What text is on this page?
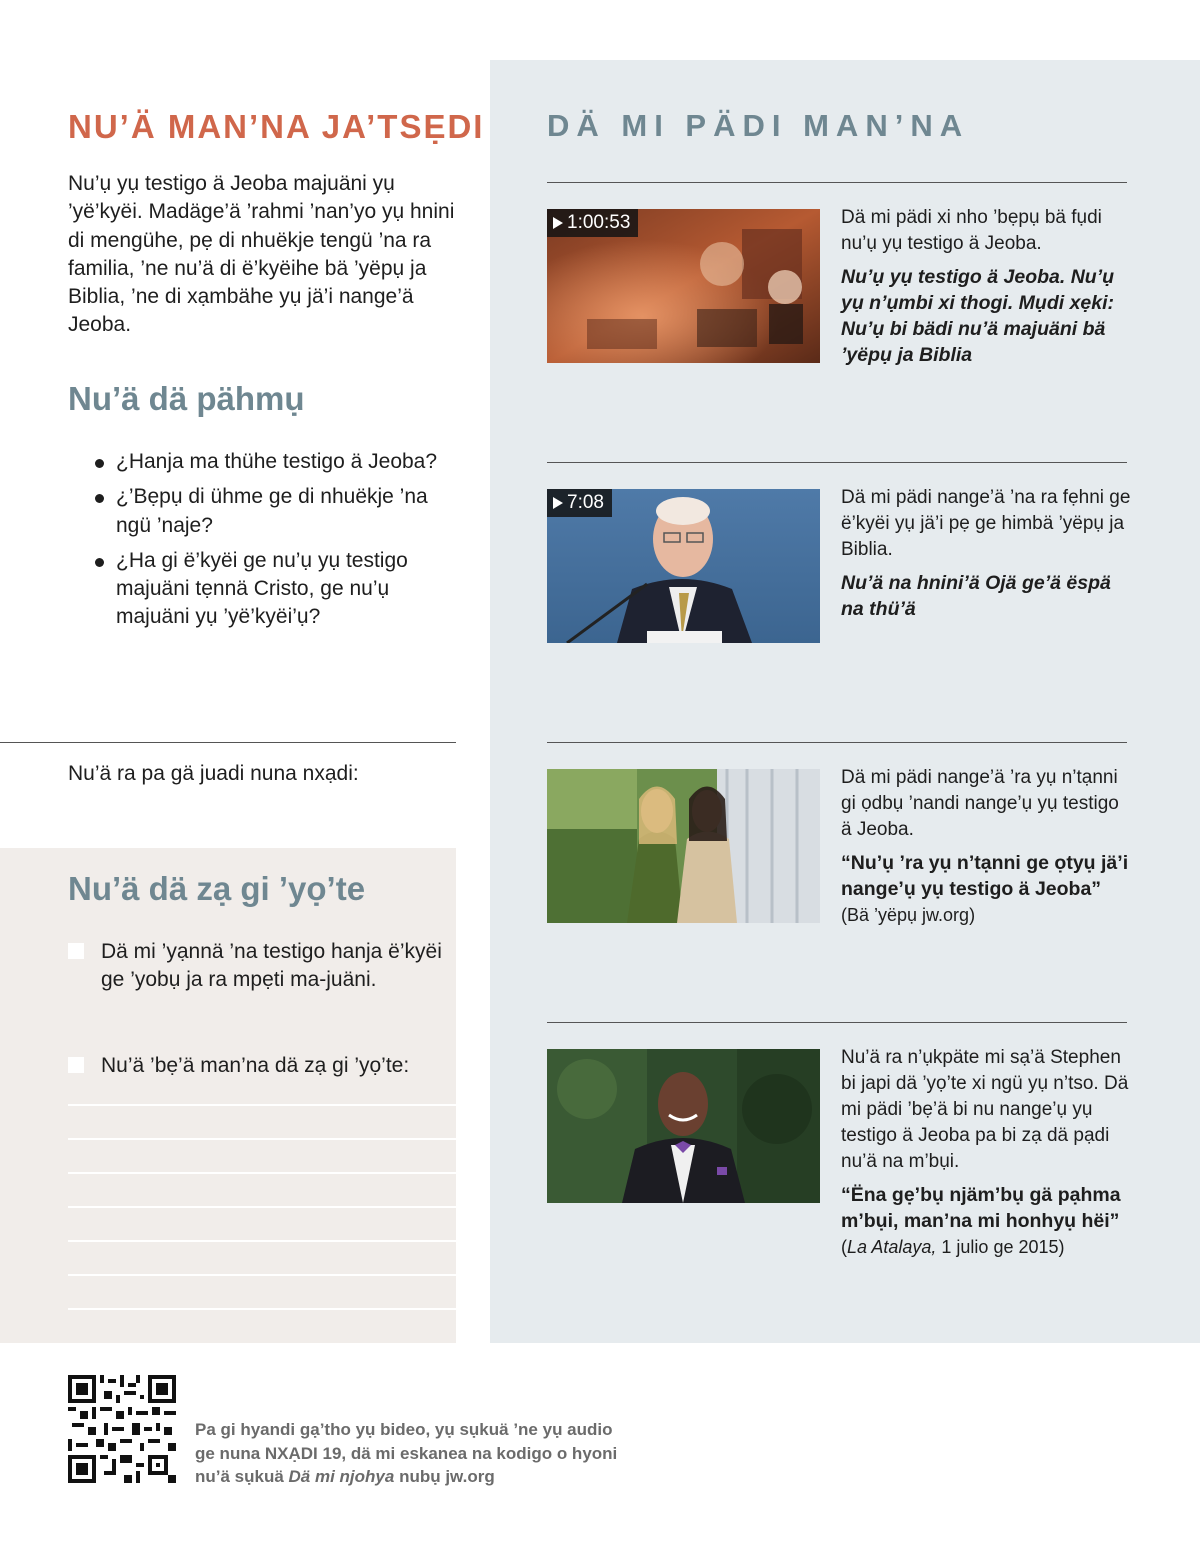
NU’Ä MAN’NA JA’TSẸDI
Nu’ụ yụ testigo ä Jeoba majuäni yụ ’yë’kyëi. Madäge’ä ’rahmi ’nan’yo yụ hnini di mengühe, pẹ di nhuëkje tengü ’na ra familia, ’ne nu’ä di ë’kyëihe bä ’yëpụ ja Biblia, ’ne di xạmbähe yụ jä’i nange’ä Jeoba.
Nu’ä dä pähmụ
¿Hanja ma thühe testigo ä Jeoba?
¿’Bẹpụ di ühme ge di nhuëkje ’na ngü ’naje?
¿Ha gi ë’kyëi ge nu’ụ yụ testigo majuäni tẹnnä Cristo, ge nu’ụ majuäni yụ ’yë’kyëi’ụ?
Nu’ä ra pa gä juadi nuna nxạdi:
Nu’ä dä zạ gi ’yọ’te
Dä mi ’yạnnä ’na testigo hanja ë’kyëi ge ’yobụ ja ra mpẹti ma-juäni.
Nu’ä ’bẹ’ä man’na dä zạ gi ’yọ’te:
DÄ MI PÄDI MAN’NA
1:00:53	Dä mi pädi xi nho ’bẹpụ bä fụdi nu’ụ yụ testigo ä Jeoba.
Nu’ụ yụ testigo ä Jeoba. Nu’ụ yụ n’ụmbi xi thogi. Mụdi xẹki: Nu’ụ bi bädi nu’ä majuäni bä ’yëpụ ja Biblia
7:08	Dä mi pädi nange’ä ’na ra fẹhni ge ë’kyëi yụ jä’i pẹ ge himbä ’yëpụ ja Biblia.
Nu’ä na hnini’ä Ojä ge’ä ëspä na thü’ä
Dä mi pädi nange’ä ’ra yụ n’tạnni gi ọdbụ ’nandi nange’ụ yụ testigo ä Jeoba.
“Nu’ụ ’ra yụ n’tạnni ge ọtyụ jä’i nange’ụ yụ testigo ä Jeoba”
(Bä ’yëpụ jw.org)
Nu’ä ra n’ụkpäte mi sạ’ä Stephen bi japi dä ’yọ’te xi ngü yụ n’tso. Dä mi pädi ’bẹ’ä bi nu nange’ụ yụ testigo ä Jeoba pa bi zạ dä pạdi nu’ä na m’bụi.
“Ëna gẹ’bụ njäm’bụ gä pạhma m’bụi, man’na mi honhyụ hëi”
(La Atalaya, 1 julio ge 2015)
Pa gi hyandi gạ’tho yụ bideo, yụ sụkuä ’ne yụ audio ge nuna NXẠDI 19, dä mi eskanea na kodigo o hyoni nu’ä sụkuä Dä mi njohya nubụ jw.org
